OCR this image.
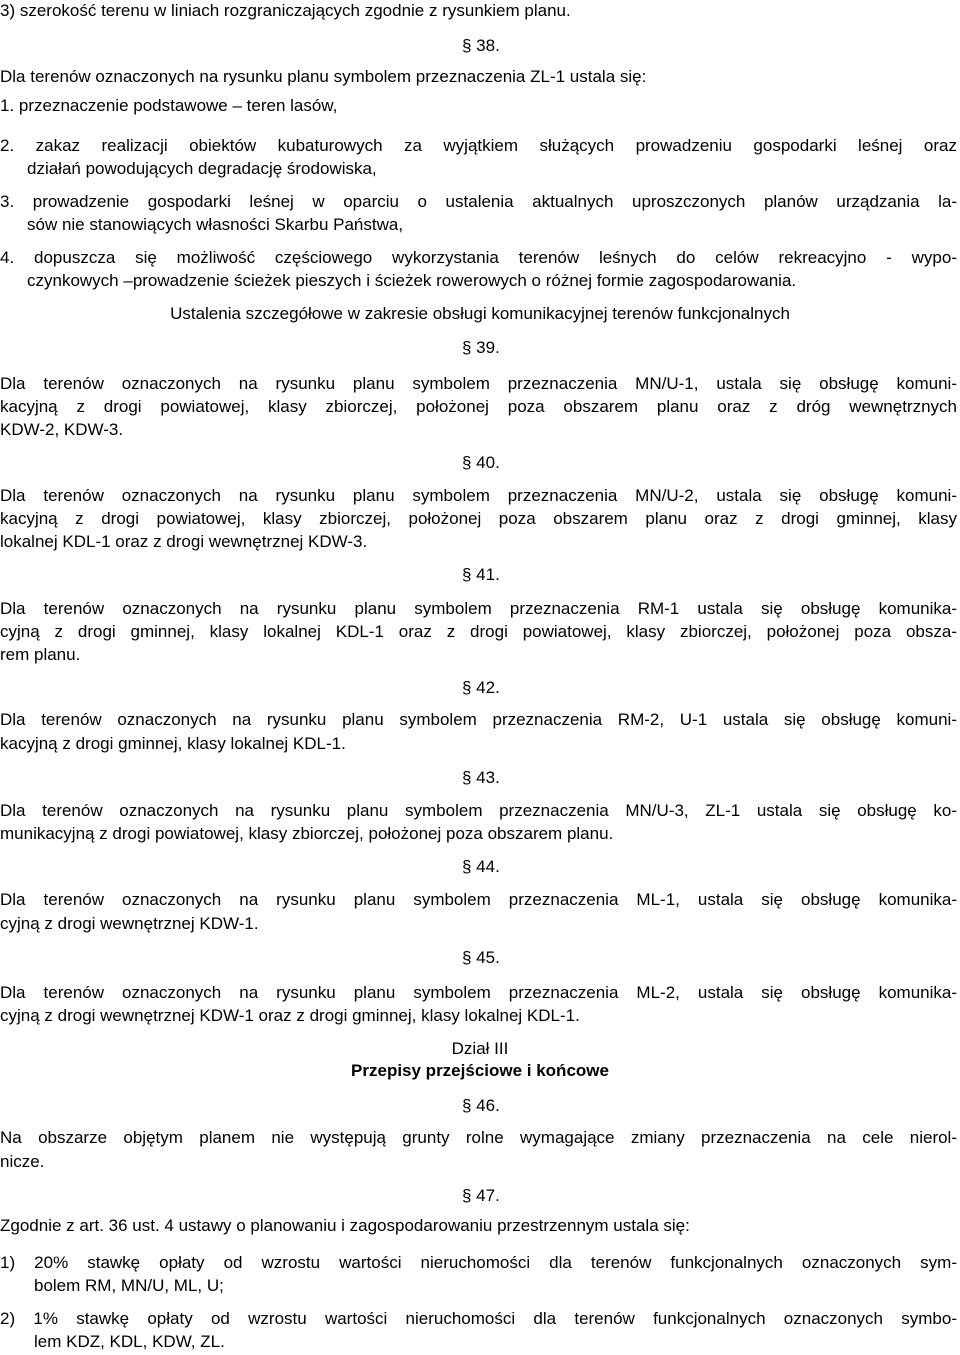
3) szerokość terenu w liniach rozgraniczających zgodnie z rysunkiem planu.
§ 38.
Dla terenów oznaczonych na rysunku planu symbolem przeznaczenia ZL-1 ustala się:
1. przeznaczenie podstawowe – teren lasów,
2. zakaz realizacji obiektów kubaturowych za wyjątkiem służących prowadzeniu gospodarki leśnej oraz
działań powodujących degradację środowiska,
3. prowadzenie gospodarki leśnej w oparciu o ustalenia aktualnych uproszczonych planów urządzania la-
sów nie stanowiących własności Skarbu Państwa,
4. dopuszcza się możliwość częściowego wykorzystania terenów leśnych do celów rekreacyjno - wypo-
czynkowych –prowadzenie ścieżek pieszych i ścieżek rowerowych o różnej formie zagospodarowania.
Ustalenia szczegółowe w zakresie obsługi komunikacyjnej terenów funkcjonalnych
§ 39.
Dla terenów oznaczonych na rysunku planu symbolem przeznaczenia MN/U-1, ustala się obsługę komuni-
kacyjną z drogi powiatowej, klasy zbiorczej, położonej poza obszarem planu oraz z dróg wewnętrznych
KDW-2, KDW-3.
§ 40.
Dla terenów oznaczonych na rysunku planu symbolem przeznaczenia MN/U-2, ustala się obsługę komuni-
kacyjną z drogi powiatowej, klasy zbiorczej, położonej poza obszarem planu oraz z drogi gminnej, klasy
lokalnej KDL-1 oraz z drogi wewnętrznej KDW-3.
§ 41.
Dla terenów oznaczonych na rysunku planu symbolem przeznaczenia RM-1 ustala się obsługę komunika-
cyjną z drogi gminnej, klasy lokalnej KDL-1 oraz z drogi powiatowej, klasy zbiorczej, położonej poza obsza-
rem planu.
§ 42.
Dla terenów oznaczonych na rysunku planu symbolem przeznaczenia RM-2, U-1 ustala się obsługę komuni-
kacyjną z drogi gminnej, klasy lokalnej KDL-1.
§ 43.
Dla terenów oznaczonych na rysunku planu symbolem przeznaczenia MN/U-3, ZL-1 ustala się obsługę ko-
munikacyjną z drogi powiatowej, klasy zbiorczej, położonej poza obszarem planu.
§ 44.
Dla terenów oznaczonych na rysunku planu symbolem przeznaczenia ML-1, ustala się obsługę komunika-
cyjną z drogi wewnętrznej KDW-1.
§ 45.
Dla terenów oznaczonych na rysunku planu symbolem przeznaczenia ML-2, ustala się obsługę komunika-
cyjną z drogi wewnętrznej KDW-1 oraz z drogi gminnej, klasy lokalnej KDL-1.
Dział III
Przepisy przejściowe i końcowe
§ 46.
Na obszarze objętym planem nie występują grunty rolne wymagające zmiany przeznaczenia na cele nierol-
nicze.
§ 47.
Zgodnie z art. 36 ust. 4 ustawy o planowaniu i zagospodarowaniu przestrzennym ustala się:
1) 20% stawkę opłaty od wzrostu wartości nieruchomości dla terenów funkcjonalnych oznaczonych sym-
bolem RM, MN/U, ML, U;
2) 1% stawkę opłaty od wzrostu wartości nieruchomości dla terenów funkcjonalnych oznaczonych symbo-
lem KDZ, KDL, KDW, ZL.
